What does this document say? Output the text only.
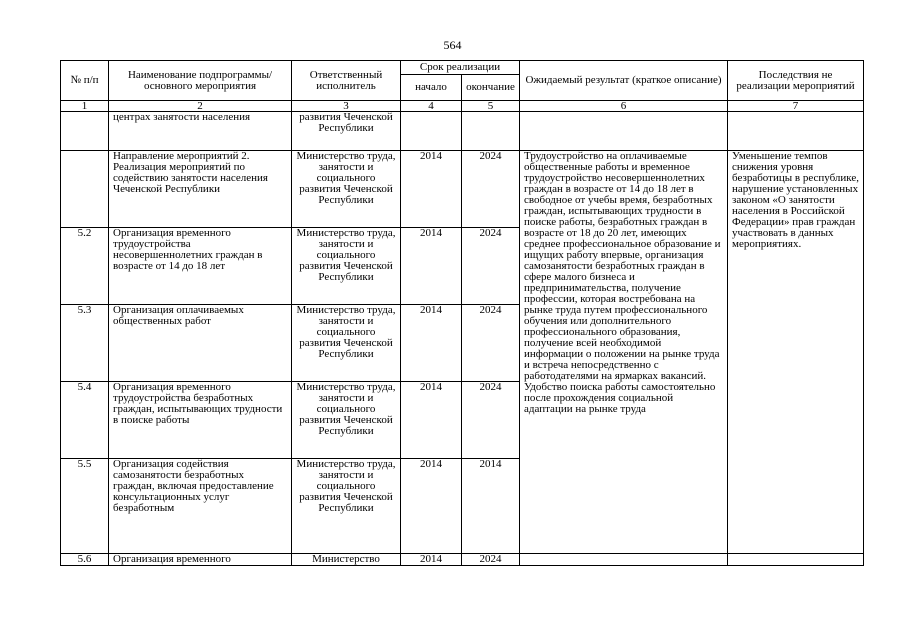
564
№ п/п	Наименование подпрограммы/ основного мероприятия	Ответственный исполнитель	Срок реализации		Ожидаемый результат (краткое описание)	Последствия не реализации мероприятий
			начало	окончание		
1	2	3	4	5	6	7
	центрах занятости населения	развития Чеченской Республики				
	Направление мероприятий 2. Реализация мероприятий по содействию занятости населения Чеченской Республики	Министерство труда, занятости и социального развития Чеченской Республики	2014	2024	Трудоустройство на оплачиваемые общественные работы и временное трудоустройство несовершеннолетних граждан в возрасте от 14 до 18 лет в свободное от учебы время, безработных граждан, испытывающих трудности в поиске работы, безработных граждан в возрасте от 18 до 20 лет, имеющих среднее профессиональное образование и ищущих работу впервые, организация самозанятости безработных граждан в сфере малого бизнеса и предпринимательства, получение профессии, которая востребована на рынке труда путем профессионального обучения или дополнительного профессионального образования, получение всей необходимой информации о положении на рынке труда и встреча непосредственно с работодателями на ярмарках вакансий. Удобство поиска работы самостоятельно после прохождения социальной адаптации на рынке труда	Уменьшение темпов снижения уровня безработицы в республике, нарушение установленных законом «О занятости населения в Российской Федерации» прав граждан участвовать в данных мероприятиях.
5.2	Организация временного трудоустройства несовершеннолетних граждан в возрасте от 14 до 18 лет	Министерство труда, занятости и социального развития Чеченской Республики	2014	2024		
5.3	Организация оплачиваемых общественных работ	Министерство труда, занятости и социального развития Чеченской Республики	2014	2024		
5.4	Организация временного трудоустройства безработных граждан, испытывающих трудности в поиске работы	Министерство труда, занятости и социального развития Чеченской Республики	2014	2024		
5.5	Организация содействия самозанятости безработных граждан, включая предоставление консультационных услуг безработным	Министерство труда, занятости и социального развития Чеченской Республики	2014	2014		
5.6	Организация временного	Министерство	2014	2024		
